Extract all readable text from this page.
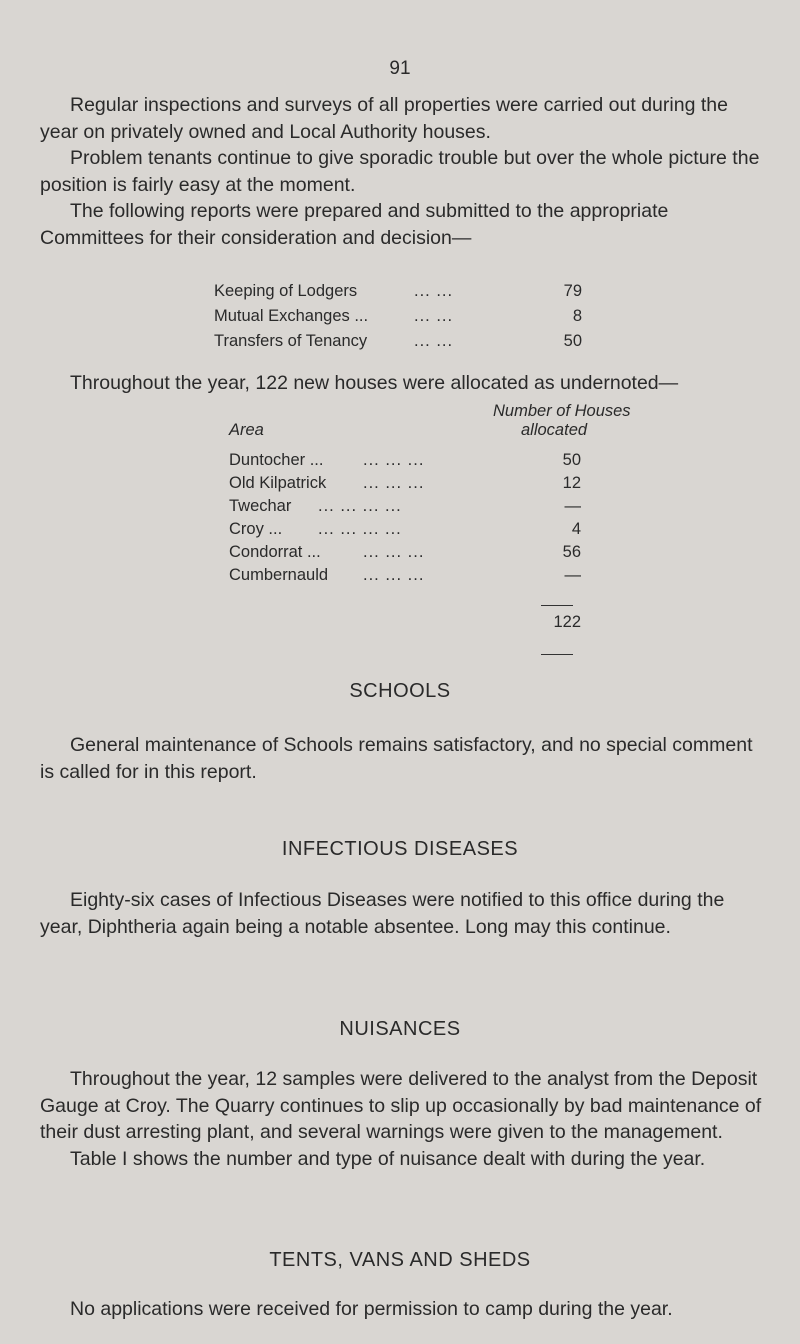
91
Regular inspections and surveys of all properties were carried out during the year on privately owned and Local Authority houses.
Problem tenants continue to give sporadic trouble but over the whole picture the position is fairly easy at the moment.
The following reports were prepared and submitted to the appropriate Committees for their consideration and decision—
Keeping of Lodgers	... ...	79
Mutual Exchanges ...	... ...	8
Transfers of Tenancy	... ...	50
Throughout the year, 122 new houses were allocated as undernoted—
Number of Houses
Area	allocated
Duntocher ... ... ... ...	50
Old Kilpatrick ... ... ...	12
Twechar ... ... ... ...	—
Croy ... ... ... ... ...	4
Condorrat ...	... ... ...	56
Cumbernauld ... ... ...	—
122
SCHOOLS
General maintenance of Schools remains satisfactory, and no special comment is called for in this report.
INFECTIOUS DISEASES
Eighty-six cases of Infectious Diseases were notified to this office during the year, Diphtheria again being a notable absentee. Long may this continue.
NUISANCES
Throughout the year, 12 samples were delivered to the analyst from the Deposit Gauge at Croy. The Quarry continues to slip up occasionally by bad maintenance of their dust arresting plant, and several warnings were given to the management.
Table I shows the number and type of nuisance dealt with during the year.
TENTS, VANS AND SHEDS
No applications were received for permission to camp during the year.
